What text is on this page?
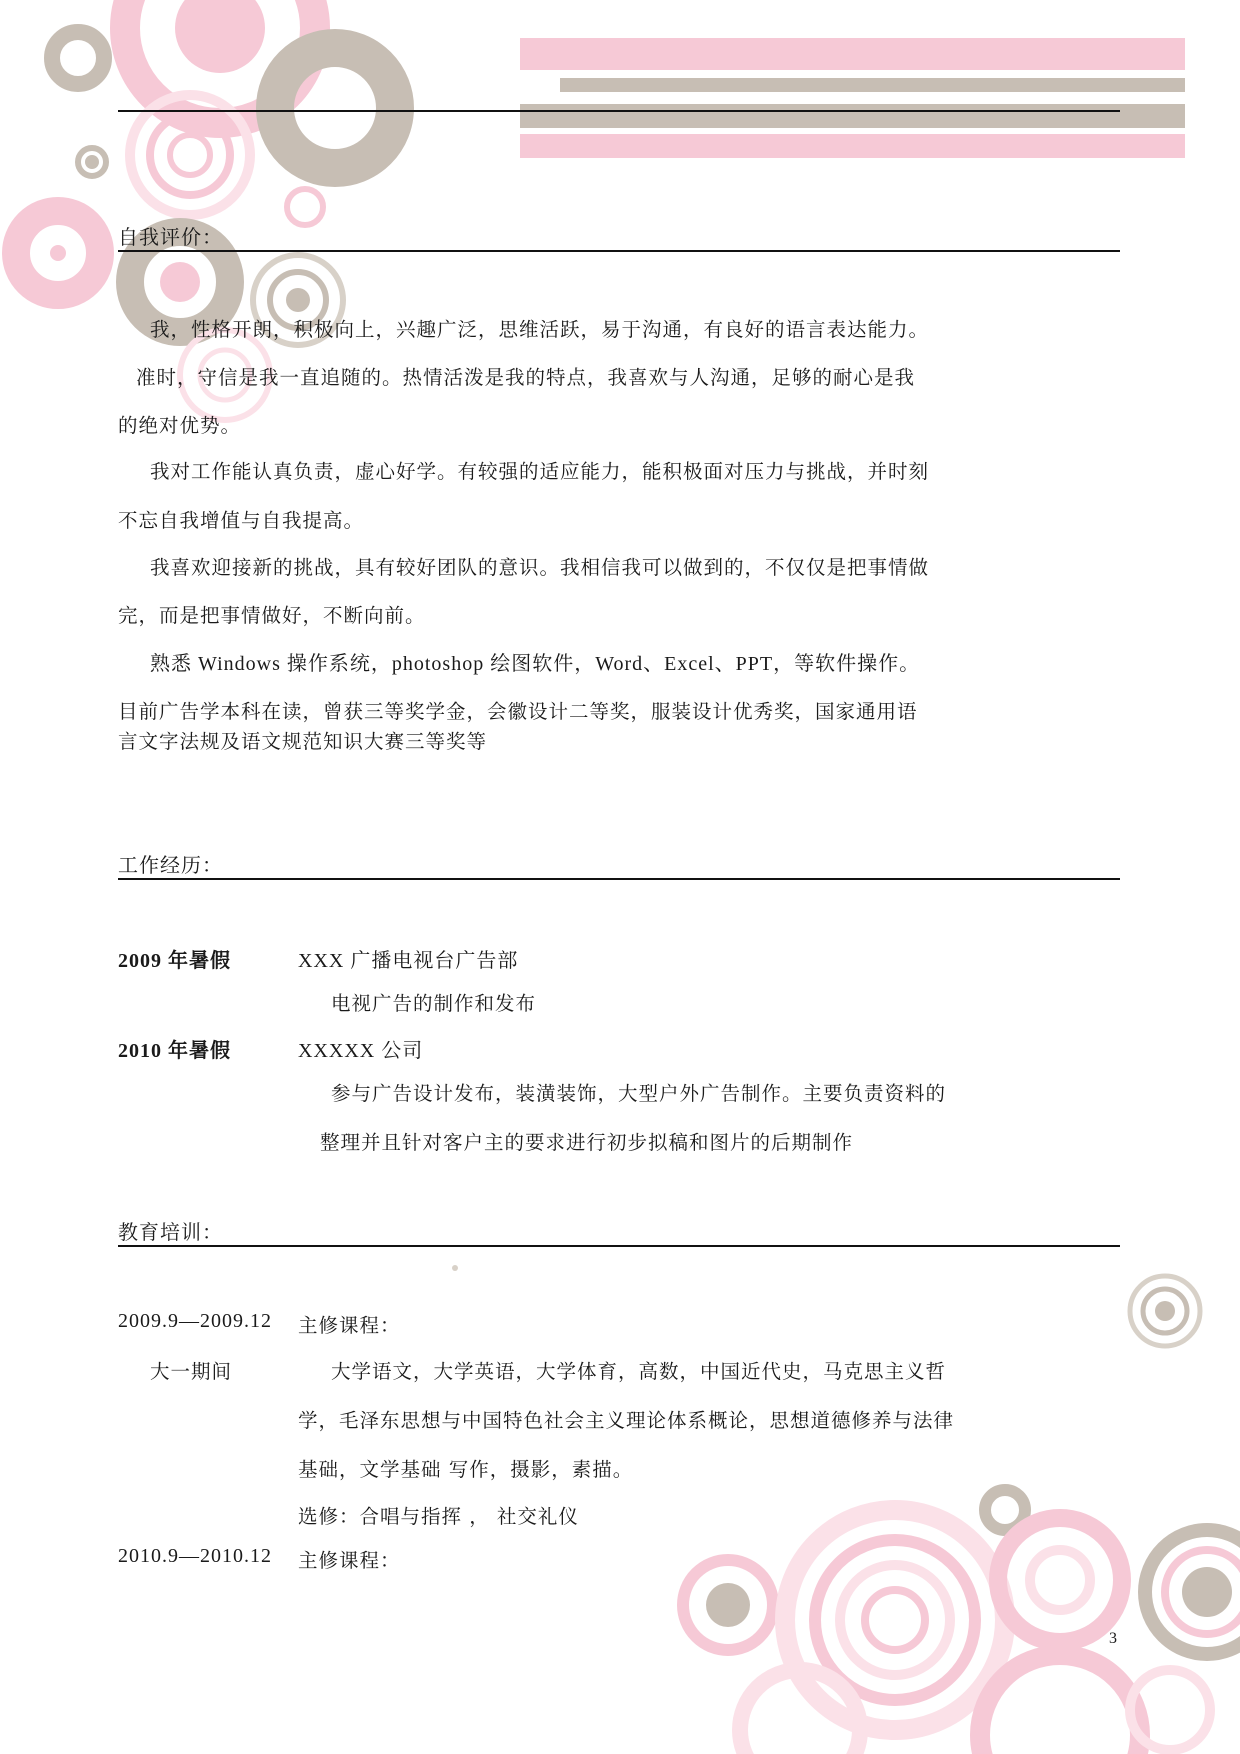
自我评价：
我，性格开朗，积极向上，兴趣广泛，思维活跃，易于沟通，有良好的语言表达能力。
准时，守信是我一直追随的。热情活泼是我的特点，我喜欢与人沟通，足够的耐心是我
的绝对优势。
我对工作能认真负责，虚心好学。有较强的适应能力，能积极面对压力与挑战，并时刻
不忘自我增值与自我提高。
我喜欢迎接新的挑战，具有较好团队的意识。我相信我可以做到的，不仅仅是把事情做
完，而是把事情做好，不断向前。
熟悉 Windows 操作系统，photoshop 绘图软件，Word、Excel、PPT，等软件操作。
目前广告学本科在读，曾获三等奖学金，会徽设计二等奖，服装设计优秀奖，国家通用语
言文字法规及语文规范知识大赛三等奖等
工作经历：
2009 年暑假	XXX 广播电视台广告部
电视广告的制作和发布
2010 年暑假	XXXXX 公司
参与广告设计发布，装潢装饰，大型户外广告制作。主要负责资料的
整理并且针对客户主的要求进行初步拟稿和图片的后期制作
教育培训：
2009.9—2009.12 主修课程：
大一期间	大学语文，大学英语，大学体育，高数，中国近代史，马克思主义哲
学，毛泽东思想与中国特色社会主义理论体系概论，思想道德修养与法律
基础，文学基础 写作，摄影，素描。
选修：合唱与指挥 ， 社交礼仪
2010.9—2010.12 主修课程：
3
